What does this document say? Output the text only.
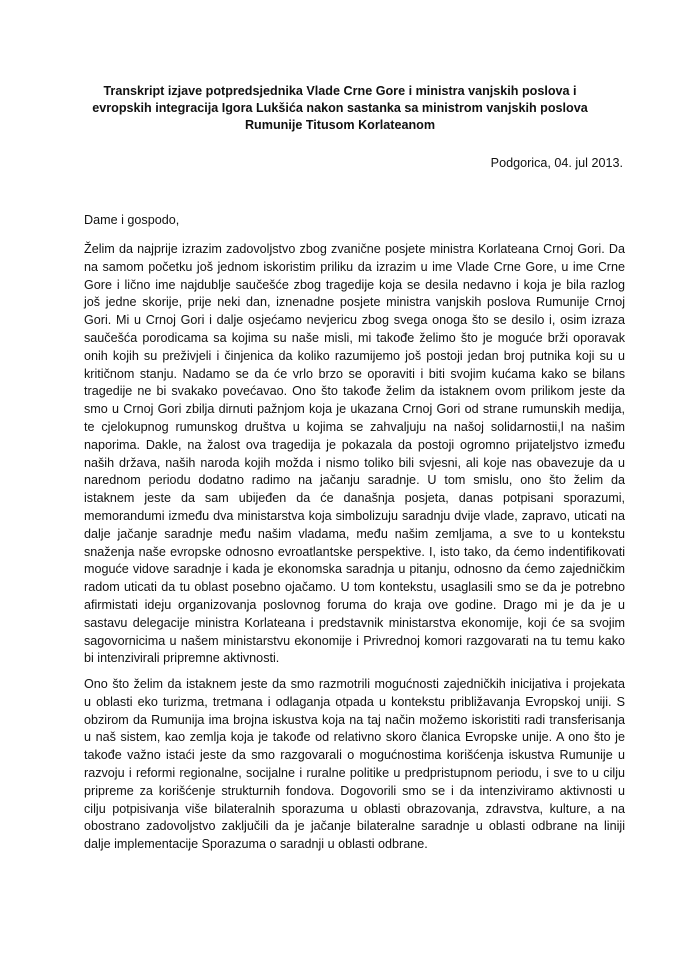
Transkript izjave potpredsjednika Vlade Crne Gore i ministra vanjskih poslova i
evropskih integracija Igora Lukšića nakon sastanka sa ministrom vanjskih poslova
Rumunije Titusom Korlateanom
Podgorica, 04. jul 2013.
Dame i gospodo,
Želim da najprije izrazim zadovoljstvo zbog zvanične posjete ministra Korlateana Crnoj Gori. Da
na samom početku još jednom iskoristim priliku da izrazim u ime Vlade Crne Gore, u ime Crne
Gore i lično ime najdublje saučešće zbog tragedije koja se desila nedavno i koja je bila razlog
još jedne skorije, prije neki dan, iznenadne posjete ministra vanjskih poslova Rumunije Crnoj
Gori. Mi u Crnoj Gori i dalje osjećamo nevjericu zbog svega onoga što se desilo i, osim izraza
saučešća porodicama sa kojima su naše misli, mi takođe želimo što je moguće brži oporavak
onih kojih su preživjeli i činjenica da koliko razumijemo još postoji jedan broj putnika koji su u
kritičnom stanju. Nadamo se da će vrlo brzo se oporaviti i biti svojim kućama kako se bilans
tragedije ne bi svakako povećavao. Ono što takođe želim da istaknem ovom prilikom jeste da
smo u Crnoj Gori zbilja dirnuti pažnjom koja je ukazana Crnoj Gori od strane rumunskih medija,
te cjelokupnog rumunskog društva u kojima se zahvaljuju na našoj solidarnostii,l na našim
naporima. Dakle, na žalost ova tragedija je pokazala da postoji ogromno prijateljstvo između
naših država, naših naroda kojih možda i nismo toliko bili svjesni, ali koje nas obavezuje da u
narednom periodu dodatno radimo na jačanju saradnje. U tom smislu, ono što želim da
istaknem jeste da sam ubijeđen da će današnja posjeta, danas potpisani sporazumi,
memorandumi između dva ministarstva koja simbolizuju saradnju dvije vlade, zapravo, uticati na
dalje jačanje saradnje među našim vladama, među našim zemljama, a sve to u kontekstu
snaženja naše evropske odnosno evroatlantske perspektive. I, isto tako, da ćemo indentifikovati
moguće vidove saradnje i kada je ekonomska saradnja u pitanju, odnosno da ćemo zajedničkim
radom uticati da tu oblast posebno ojačamo. U tom kontekstu, usaglasili smo se da je potrebno
afirmistati ideju organizovanja poslovnog foruma do kraja ove godine. Drago mi je da je u
sastavu delegacije ministra Korlateana i predstavnik ministarstva ekonomije, koji će sa svojim
sagovornicima u našem ministarstvu ekonomije i Privrednoj komori razgovarati na tu temu kako
bi intenzivirali pripremne aktivnosti.
Ono što želim da istaknem jeste da smo razmotrili mogućnosti zajedničkih inicijativa i projekata
u oblasti eko turizma, tretmana i odlaganja otpada u kontekstu približavanja Evropskoj uniji. S
obzirom da Rumunija ima brojna iskustva koja na taj način možemo iskoristiti radi transferisanja
u naš sistem, kao zemlja koja je takođe od relativno skoro članica Evropske unije. A ono što je
takođe važno istaći jeste da smo razgovarali o mogućnostima korišćenja iskustva Rumunije u
razvoju i reformi regionalne, socijalne i ruralne politike u predpristupnom periodu, i sve to u cilju
pripreme za korišćenje strukturnih fondova. Dogovorili smo se i da intenziviramo aktivnosti u
cilju potpisivanja više bilateralnih sporazuma u oblasti obrazovanja, zdravstva, kulture, a na
obostrano zadovoljstvo zaključili da je jačanje bilateralne saradnje u oblasti odbrane na liniji
dalje implementacije Sporazuma o saradnji u oblasti odbrane.
